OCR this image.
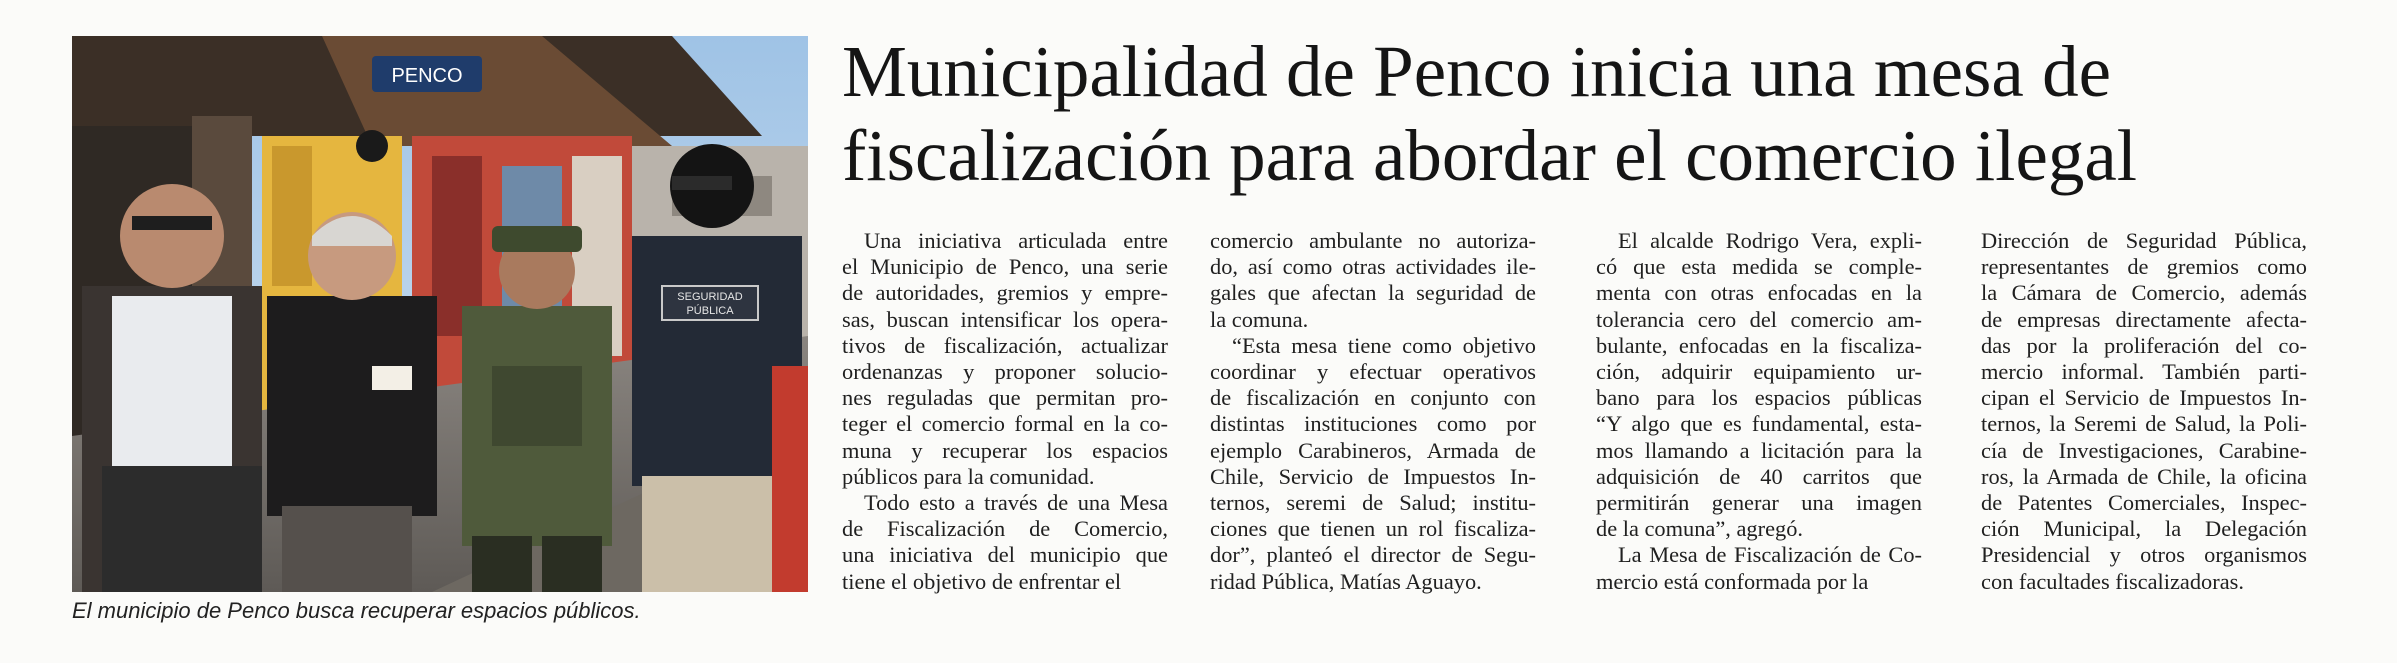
PENCO
SEGURIDAD
PÚBLICA
El municipio de Penco busca recuperar espacios públicos.
Municipalidad de Penco inicia una mesa de
fiscalización para abordar el comercio ilegal
Una iniciativa articulada entre
el Municipio de Penco, una serie
de autoridades, gremios y empre-
sas, buscan intensificar los opera-
tivos de fiscalización, actualizar
ordenanzas y proponer solucio-
nes reguladas que permitan pro-
teger el comercio formal en la co-
muna y recuperar los espacios
públicos para la comunidad.
Todo esto a través de una Mesa
de Fiscalización de Comercio,
una iniciativa del municipio que
tiene el objetivo de enfrentar el
comercio ambulante no autoriza-
do, así como otras actividades ile-
gales que afectan la seguridad de
la comuna.
“Esta mesa tiene como objetivo
coordinar y efectuar operativos
de fiscalización en conjunto con
distintas instituciones como por
ejemplo Carabineros, Armada de
Chile, Servicio de Impuestos In-
ternos, seremi de Salud; institu-
ciones que tienen un rol fiscaliza-
dor”, planteó el director de Segu-
ridad Pública, Matías Aguayo.
El alcalde Rodrigo Vera, expli-
có que esta medida se comple-
menta con otras enfocadas en la
tolerancia cero del comercio am-
bulante, enfocadas en la fiscaliza-
ción, adquirir equipamiento ur-
bano para los espacios públicas
“Y algo que es fundamental, esta-
mos llamando a licitación para la
adquisición de 40 carritos que
permitirán generar una imagen
de la comuna”, agregó.
La Mesa de Fiscalización de Co-
mercio está conformada por la
Dirección de Seguridad Pública,
representantes de gremios como
la Cámara de Comercio, además
de empresas directamente afecta-
das por la proliferación del co-
mercio informal. También parti-
cipan el Servicio de Impuestos In-
ternos, la Seremi de Salud, la Poli-
cía de Investigaciones, Carabine-
ros, la Armada de Chile, la oficina
de Patentes Comerciales, Inspec-
ción Municipal, la Delegación
Presidencial y otros organismos
con facultades fiscalizadoras.
